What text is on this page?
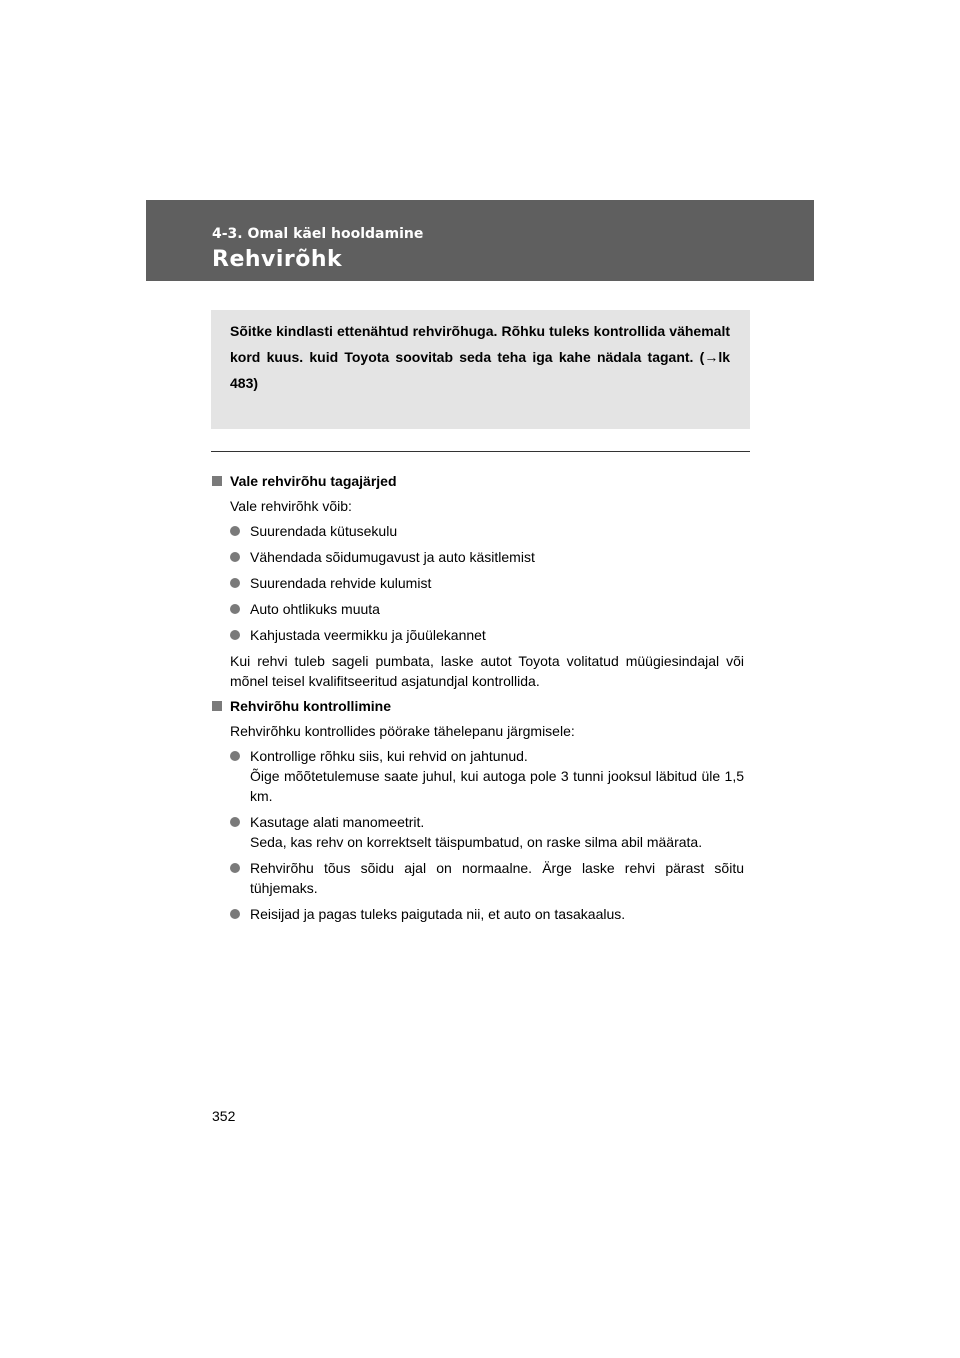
4-3. Omal käel hooldamine
Rehvirõhk
Sõitke kindlasti ettenähtud rehvirõhuga. Rõhku tuleks kontrollida vähemalt kord kuus. kuid Toyota soovitab seda teha iga kahe nädala tagant. (→lk 483)
Vale rehvirõhu tagajärjed
Vale rehvirõhk võib:
Suurendada kütusekulu
Vähendada sõidumugavust ja auto käsitlemist
Suurendada rehvide kulumist
Auto ohtlikuks muuta
Kahjustada veermikku ja jõuülekannet
Kui rehvi tuleb sageli pumbata, laske autot Toyota volitatud müügiesindajal või mõnel teisel kvalifitseeritud asjatundjal kontrollida.
Rehvirõhu kontrollimine
Rehvirõhku kontrollides pöörake tähelepanu järgmisele:
Kontrollige rõhku siis, kui rehvid on jahtunud.
Õige mõõtetulemuse saate juhul, kui autoga pole 3 tunni jooksul läbitud üle 1,5 km.
Kasutage alati manomeetrit.
Seda, kas rehv on korrektselt täispumbatud, on raske silma abil määrata.
Rehvirõhu tõus sõidu ajal on normaalne. Ärge laske rehvi pärast sõitu tühjemaks.
Reisijad ja pagas tuleks paigutada nii, et auto on tasakaalus.
352
